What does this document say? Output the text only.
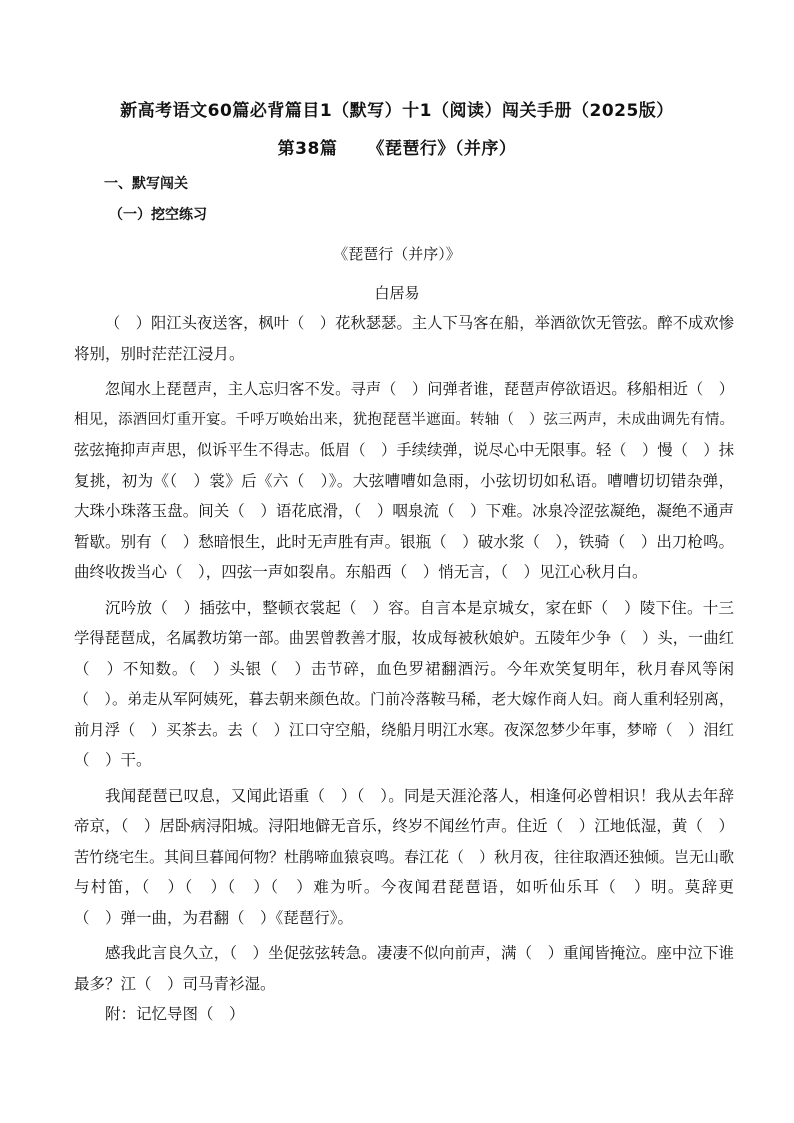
新高考语文60篇必背篇目1（默写）十1（阅读）闯关手册（2025版）
第38篇 《琵琶行》（并序）
一、默写闯关
（一）挖空练习
《琵琶行（并序）》
白居易
（　）阳江头夜送客，枫叶（　）花秋瑟瑟。主人下马客在船，举酒欲饮无管弦。醉不成欢惨
将别，别时茫茫江浸月。
忽闻水上琵琶声，主人忘归客不发。寻声（　）问弹者谁，琵琶声停欲语迟。移船相近（　）
相见，添酒回灯重开宴。千呼万唤始出来，犹抱琵琶半遮面。转轴（　）弦三两声，未成曲调先有情。
弦弦掩抑声声思，似诉平生不得志。低眉（　）手续续弹，说尽心中无限事。轻（　）慢（　）抹
复挑，初为《（　）裳》后《六（　）》。大弦嘈嘈如急雨，小弦切切如私语。嘈嘈切切错杂弹，
大珠小珠落玉盘。间关（　）语花底滑，（　）咽泉流（　）下难。冰泉冷涩弦凝绝，凝绝不通声
暂歇。别有（　）愁暗恨生，此时无声胜有声。银瓶（　）破水浆（　），铁骑（　）出刀枪鸣。
曲终收拨当心（　），四弦一声如裂帛。东船西（　）悄无言，（　）见江心秋月白。
沉吟放（　）插弦中，整顿衣裳起（　）容。自言本是京城女，家在虾（　）陵下住。十三
学得琵琶成，名属教坊第一部。曲罢曾教善才服，妆成每被秋娘妒。五陵年少争（　）头，一曲红
（　）不知数。（　）头银（　）击节碎，血色罗裙翻酒污。今年欢笑复明年，秋月春风等闲
（　）。弟走从军阿姨死，暮去朝来颜色故。门前冷落鞍马稀，老大嫁作商人妇。商人重利轻别离，
前月浮（　）买茶去。去（　）江口守空船，绕船月明江水寒。夜深忽梦少年事，梦啼（　）泪红
（　）干。
我闻琵琶已叹息，又闻此语重（　）（　）。同是天涯沦落人，相逢何必曾相识！我从去年辞
帝京，（　）居卧病浔阳城。浔阳地僻无音乐，终岁不闻丝竹声。住近（　）江地低湿，黄（　）
苦竹绕宅生。其间旦暮闻何物？杜鹃啼血猿哀鸣。春江花（　）秋月夜，往往取酒还独倾。岂无山歌
与村笛，（　）（　）（　）（　）难为听。今夜闻君琵琶语，如听仙乐耳（　）明。莫辞更
（　）弹一曲，为君翻（　）《琵琶行》。
感我此言良久立，（　）坐促弦弦转急。凄凄不似向前声，满（　）重闻皆掩泣。座中泣下谁
最多？江（　）司马青衫湿。
附：记忆导图（　）
